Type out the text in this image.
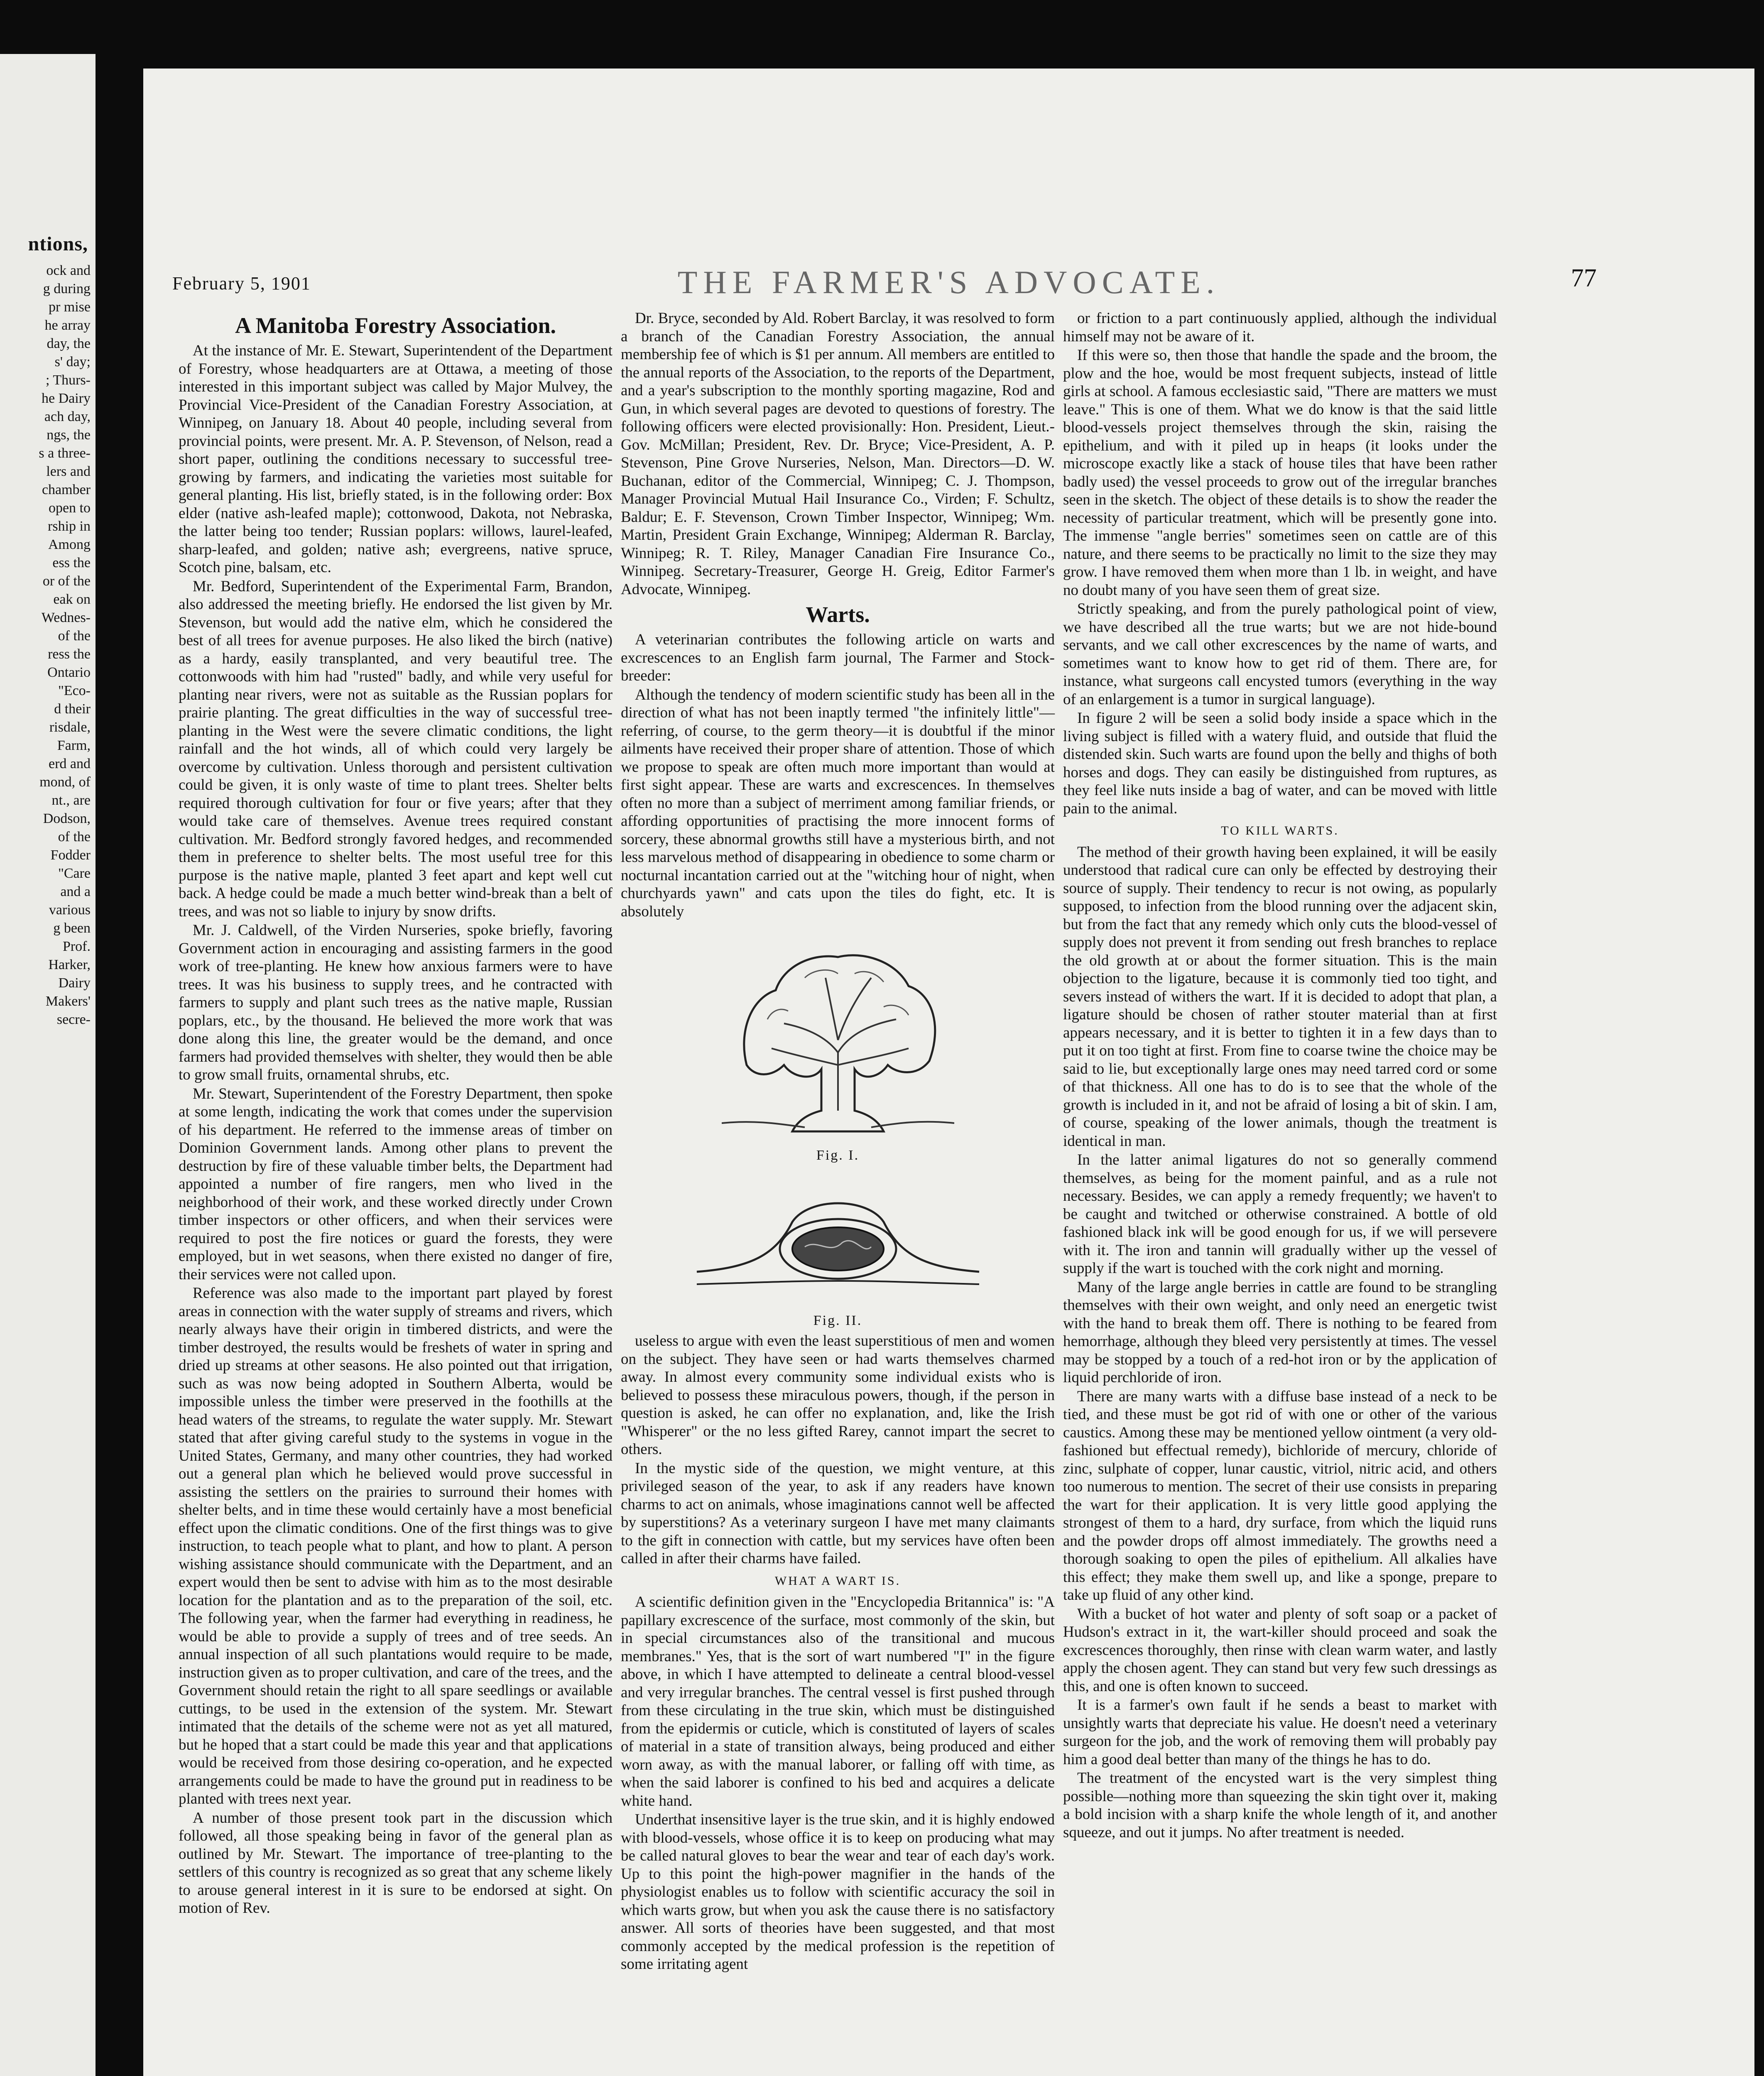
ntions,
ock and
g during
pr mise
he array
day, the
s' day;
; Thurs-
he Dairy
ach day,
ngs, the
s a three-
lers and
chamber
open to
rship in
Among
ess the
or of the
eak on
Wednes-
of the
ress the
Ontario
"Eco-
d their
risdale,
Farm,
erd and
mond, of
nt., are
Dodson,
of the
Fodder
"Care
and a
various
g been
Prof.
Harker,
Dairy
Makers'
secre-
February 5, 1901	THE FARMER'S ADVOCATE.	77
A Manitoba Forestry Association.

At the instance of Mr. E. Stewart, Superintendent of the Department of Forestry, whose headquarters are at Ottawa, a meeting of those interested in this important subject was called by Major Mulvey, the Provincial Vice-President of the Canadian Forestry Association, at Winnipeg, on January 18. About 40 people, including several from provincial points, were present. Mr. A. P. Stevenson, of Nelson, read a short paper, outlining the conditions necessary to successful tree-growing by farmers, and indicating the varieties most suitable for general planting. His list, briefly stated, is in the following order: Box elder (native ash-leafed maple); cottonwood, Dakota, not Nebraska, the latter being too tender; Russian poplars: willows, laurel-leafed, sharp-leafed, and golden; native ash; evergreens, native spruce, Scotch pine, balsam, etc.

Mr. Bedford, Superintendent of the Experimental Farm, Brandon, also addressed the meeting briefly. He endorsed the list given by Mr. Stevenson, but would add the native elm, which he considered the best of all trees for avenue purposes. He also liked the birch (native) as a hardy, easily transplanted, and very beautiful tree. The cottonwoods with him had "rusted" badly, and while very useful for planting near rivers, were not as suitable as the Russian poplars for prairie planting. The great difficulties in the way of successful tree-planting in the West were the severe climatic conditions, the light rainfall and the hot winds, all of which could very largely be overcome by cultivation. Unless thorough and persistent cultivation could be given, it is only waste of time to plant trees. Shelter belts required thorough cultivation for four or five years; after that they would take care of themselves. Avenue trees required constant cultivation. Mr. Bedford strongly favored hedges, and recommended them in preference to shelter belts. The most useful tree for this purpose is the native maple, planted 3 feet apart and kept well cut back. A hedge could be made a much better wind-break than a belt of trees, and was not so liable to injury by snow drifts.

Mr. J. Caldwell, of the Virden Nurseries, spoke briefly, favoring Government action in encouraging and assisting farmers in the good work of tree-planting. He knew how anxious farmers were to have trees. It was his business to supply trees, and he contracted with farmers to supply and plant such trees as the native maple, Russian poplars, etc., by the thousand. He believed the more work that was done along this line, the greater would be the demand, and once farmers had provided themselves with shelter, they would then be able to grow small fruits, ornamental shrubs, etc.

Mr. Stewart, Superintendent of the Forestry Department, then spoke at some length, indicating the work that comes under the supervision of his department. He referred to the immense areas of timber on Dominion Government lands. Among other plans to prevent the destruction by fire of these valuable timber belts, the Department had appointed a number of fire rangers, men who lived in the neighborhood of their work, and these worked directly under Crown timber inspectors or other officers, and when their services were required to post the fire notices or guard the forests, they were employed, but in wet seasons, when there existed no danger of fire, their services were not called upon.

Reference was also made to the important part played by forest areas in connection with the water supply of streams and rivers, which nearly always have their origin in timbered districts, and were the timber destroyed, the results would be freshets of water in spring and dried up streams at other seasons. He also pointed out that irrigation, such as was now being adopted in Southern Alberta, would be impossible unless the timber were preserved in the foothills at the head waters of the streams, to regulate the water supply. Mr. Stewart stated that after giving careful study to the systems in vogue in the United States, Germany, and many other countries, they had worked out a general plan which he believed would prove successful in assisting the settlers on the prairies to surround their homes with shelter belts, and in time these would certainly have a most beneficial effect upon the climatic conditions. One of the first things was to give instruction, to teach people what to plant, and how to plant. A person wishing assistance should communicate with the Department, and an expert would then be sent to advise with him as to the most desirable location for the plantation and as to the preparation of the soil, etc. The following year, when the farmer had everything in readiness, he would be able to provide a supply of trees and of tree seeds. An annual inspection of all such plantations would require to be made, instruction given as to proper cultivation, and care of the trees, and the Government should retain the right to all spare seedlings or available cuttings, to be used in the extension of the system. Mr. Stewart intimated that the details of the scheme were not as yet all matured, but he hoped that a start could be made this year and that applications would be received from those desiring co-operation, and he expected arrangements could be made to have the ground put in readiness to be planted with trees next year.

A number of those present took part in the discussion which followed, all those speaking being in favor of the general plan as outlined by Mr. Stewart. The importance of tree-planting to the settlers of this country is recognized as so great that any scheme likely to arouse general interest in it is sure to be endorsed at sight. On motion of Rev.

Dr. Bryce, seconded by Ald. Robert Barclay, it was resolved to form a branch of the Canadian Forestry Association, the annual membership fee of which is $1 per annum. All members are entitled to the annual reports of the Association, to the reports of the Department, and a year's subscription to the monthly sporting magazine, Rod and Gun, in which several pages are devoted to questions of forestry. The following officers were elected provisionally: Hon. President, Lieut.-Gov. McMillan; President, Rev. Dr. Bryce; Vice-President, A. P. Stevenson, Pine Grove Nurseries, Nelson, Man. Directors—D. W. Buchanan, editor of the Commercial, Winnipeg; C. J. Thompson, Manager Provincial Mutual Hail Insurance Co., Virden; F. Schultz, Baldur; E. F. Stevenson, Crown Timber Inspector, Winnipeg; Wm. Martin, President Grain Exchange, Winnipeg; Alderman R. Barclay, Winnipeg; R. T. Riley, Manager Canadian Fire Insurance Co., Winnipeg. Secretary-Treasurer, George H. Greig, Editor Farmer's Advocate, Winnipeg.

Warts.

A veterinarian contributes the following article on warts and excrescences to an English farm journal, The Farmer and Stock-breeder:

Although the tendency of modern scientific study has been all in the direction of what has not been inaptly termed "the infinitely little"—referring, of course, to the germ theory—it is doubtful if the minor ailments have received their proper share of attention. Those of which we propose to speak are often much more important than would at first sight appear. These are warts and excrescences. In themselves often no more than a subject of merriment among familiar friends, or affording opportunities of practising the more innocent forms of sorcery, these abnormal growths still have a mysterious birth, and not less marvelous method of disappearing in obedience to some charm or nocturnal incantation carried out at the "witching hour of night, when churchyards yawn" and cats upon the tiles do fight, etc. It is absolutely

Fig. I.
Fig. II.

useless to argue with even the least superstitious of men and women on the subject. They have seen or had warts themselves charmed away. In almost every community some individual exists who is believed to possess these miraculous powers, though, if the person in question is asked, he can offer no explanation, and, like the Irish "Whisperer" or the no less gifted Rarey, cannot impart the secret to others.

In the mystic side of the question, we might venture, at this privileged season of the year, to ask if any readers have known charms to act on animals, whose imaginations cannot well be affected by superstitions? As a veterinary surgeon I have met many claimants to the gift in connection with cattle, but my services have often been called in after their charms have failed.

WHAT A WART IS.

A scientific definition given in the "Encyclopedia Britannica" is: "A papillary excrescence of the surface, most commonly of the skin, but in special circumstances also of the transitional and mucous membranes." Yes, that is the sort of wart numbered "I" in the figure above, in which I have attempted to delineate a central blood-vessel and very irregular branches. The central vessel is first pushed through from these circulating in the true skin, which must be distinguished from the epidermis or cuticle, which is constituted of layers of scales of material in a state of transition always, being produced and either worn away, as with the manual laborer, or falling off with time, as when the said laborer is confined to his bed and acquires a delicate white hand.

Underthat insensitive layer is the true skin, and it is highly endowed with blood-vessels, whose office it is to keep on producing what may be called natural gloves to bear the wear and tear of each day's work. Up to this point the high-power magnifier in the hands of the physiologist enables us to follow with scientific accuracy the soil in which warts grow, but when you ask the cause there is no satisfactory answer. All sorts of theories have been suggested, and that most commonly accepted by the medical profession is the repetition of some irritating agent

or friction to a part continuously applied, although the individual himself may not be aware of it.

If this were so, then those that handle the spade and the broom, the plow and the hoe, would be most frequent subjects, instead of little girls at school. A famous ecclesiastic said, "There are matters we must leave." This is one of them. What we do know is that the said little blood-vessels project themselves through the skin, raising the epithelium, and with it piled up in heaps (it looks under the microscope exactly like a stack of house tiles that have been rather badly used) the vessel proceeds to grow out of the irregular branches seen in the sketch. The object of these details is to show the reader the necessity of particular treatment, which will be presently gone into. The immense "angle berries" sometimes seen on cattle are of this nature, and there seems to be practically no limit to the size they may grow. I have removed them when more than 1 lb. in weight, and have no doubt many of you have seen them of great size.

Strictly speaking, and from the purely pathological point of view, we have described all the true warts; but we are not hide-bound servants, and we call other excrescences by the name of warts, and sometimes want to know how to get rid of them. There are, for instance, what surgeons call encysted tumors (everything in the way of an enlargement is a tumor in surgical language).

In figure 2 will be seen a solid body inside a space which in the living subject is filled with a watery fluid, and outside that fluid the distended skin. Such warts are found upon the belly and thighs of both horses and dogs. They can easily be distinguished from ruptures, as they feel like nuts inside a bag of water, and can be moved with little pain to the animal.

TO KILL WARTS.

The method of their growth having been explained, it will be easily understood that radical cure can only be effected by destroying their source of supply. Their tendency to recur is not owing, as popularly supposed, to infection from the blood running over the adjacent skin, but from the fact that any remedy which only cuts the blood-vessel of supply does not prevent it from sending out fresh branches to replace the old growth at or about the former situation. This is the main objection to the ligature, because it is commonly tied too tight, and severs instead of withers the wart. If it is decided to adopt that plan, a ligature should be chosen of rather stouter material than at first appears necessary, and it is better to tighten it in a few days than to put it on too tight at first. From fine to coarse twine the choice may be said to lie, but exceptionally large ones may need tarred cord or some of that thickness. All one has to do is to see that the whole of the growth is included in it, and not be afraid of losing a bit of skin. I am, of course, speaking of the lower animals, though the treatment is identical in man.

In the latter animal ligatures do not so generally commend themselves, as being for the moment painful, and as a rule not necessary. Besides, we can apply a remedy frequently; we haven't to be caught and twitched or otherwise constrained. A bottle of old fashioned black ink will be good enough for us, if we will persevere with it. The iron and tannin will gradually wither up the vessel of supply if the wart is touched with the cork night and morning.

Many of the large angle berries in cattle are found to be strangling themselves with their own weight, and only need an energetic twist with the hand to break them off. There is nothing to be feared from hemorrhage, although they bleed very persistently at times. The vessel may be stopped by a touch of a red-hot iron or by the application of liquid perchloride of iron.

There are many warts with a diffuse base instead of a neck to be tied, and these must be got rid of with one or other of the various caustics. Among these may be mentioned yellow ointment (a very old-fashioned but effectual remedy), bichloride of mercury, chloride of zinc, sulphate of copper, lunar caustic, vitriol, nitric acid, and others too numerous to mention. The secret of their use consists in preparing the wart for their application. It is very little good applying the strongest of them to a hard, dry surface, from which the liquid runs and the powder drops off almost immediately. The growths need a thorough soaking to open the piles of epithelium. All alkalies have this effect; they make them swell up, and like a sponge, prepare to take up fluid of any other kind.

With a bucket of hot water and plenty of soft soap or a packet of Hudson's extract in it, the wart-killer should proceed and soak the excrescences thoroughly, then rinse with clean warm water, and lastly apply the chosen agent. They can stand but very few such dressings as this, and one is often known to succeed.

It is a farmer's own fault if he sends a beast to market with unsightly warts that depreciate his value. He doesn't need a veterinary surgeon for the job, and the work of removing them will probably pay him a good deal better than many of the things he has to do.

The treatment of the encysted wart is the very simplest thing possible—nothing more than squeezing the skin tight over it, making a bold incision with a sharp knife the whole length of it, and another squeeze, and out it jumps. No after treatment is needed.
